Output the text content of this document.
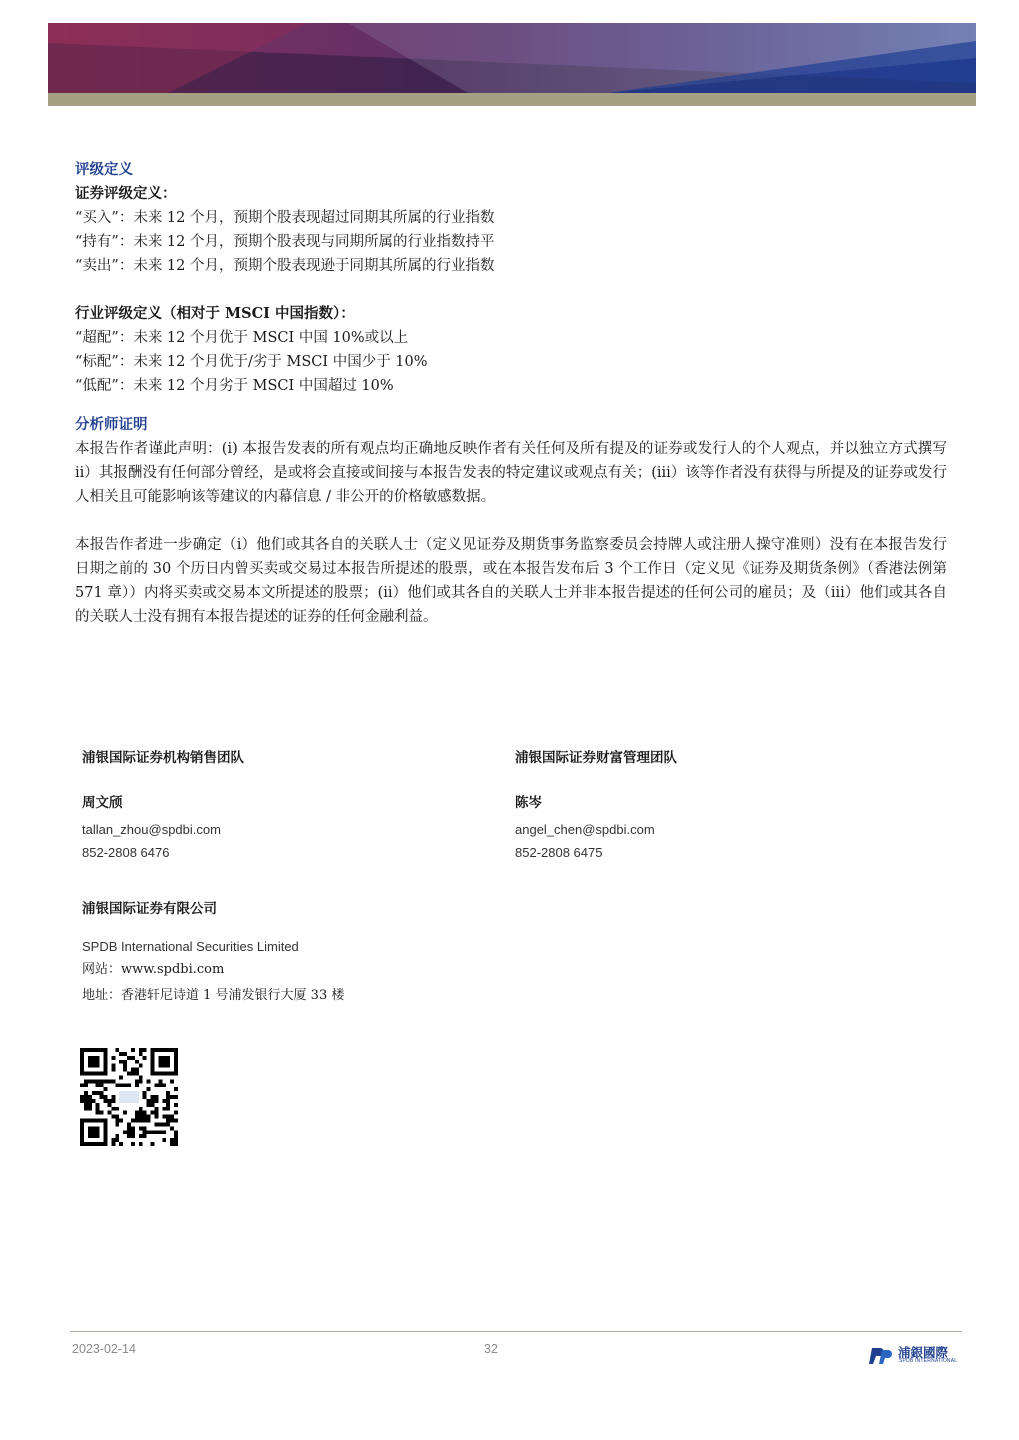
评级定义
证券评级定义：
“买入”：未来 12 个月，预期个股表现超过同期其所属的行业指数
“持有”：未来 12 个月，预期个股表现与同期所属的行业指数持平
“卖出”：未来 12 个月，预期个股表现逊于同期其所属的行业指数
行业评级定义（相对于 MSCI 中国指数）：
“超配”：未来 12 个月优于 MSCI 中国 10%或以上
“标配”：未来 12 个月优于/劣于 MSCI 中国少于 10%
“低配”：未来 12 个月劣于 MSCI 中国超过 10%
分析师证明

本报告作者谨此声明：(i) 本报告发表的所有观点均正确地反映作者有关任何及所有提及的证券或发行人的个人观点，并以独立方式撰写 ii）其报酬没有任何部分曾经，是或将会直接或间接与本报告发表的特定建议或观点有关；(iii）该等作者没有获得与所提及的证券或发行人相关且可能影响该等建议的内幕信息 / 非公开的价格敏感数据。

本报告作者进一步确定（i）他们或其各自的关联人士（定义见证券及期货事务监察委员会持牌人或注册人操守准则）没有在本报告发行日期之前的 30 个历日内曾买卖或交易过本报告所提述的股票，或在本报告发布后 3 个工作日（定义见《证券及期货条例》（香港法例第 571 章））内将买卖或交易本文所提述的股票；(ii）他们或其各自的关联人士并非本报告提述的任何公司的雇员；及（iii）他们或其各自的关联人士没有拥有本报告提述的证券的任何金融利益。

浦银国际证券机构销售团队
周文颀
tallan_zhou@spdbi.com
852-2808 6476
浦银国际证券财富管理团队
陈岑
angel_chen@spdbi.com
852-2808 6475
浦银国际证券有限公司
SPDB International Securities Limited
网站：www.spdbi.com
地址：香港轩尼诗道 1 号浦发银行大厦 33 楼
2023-02-14	32	浦銀國際
SPDB INTERNATIONAL
